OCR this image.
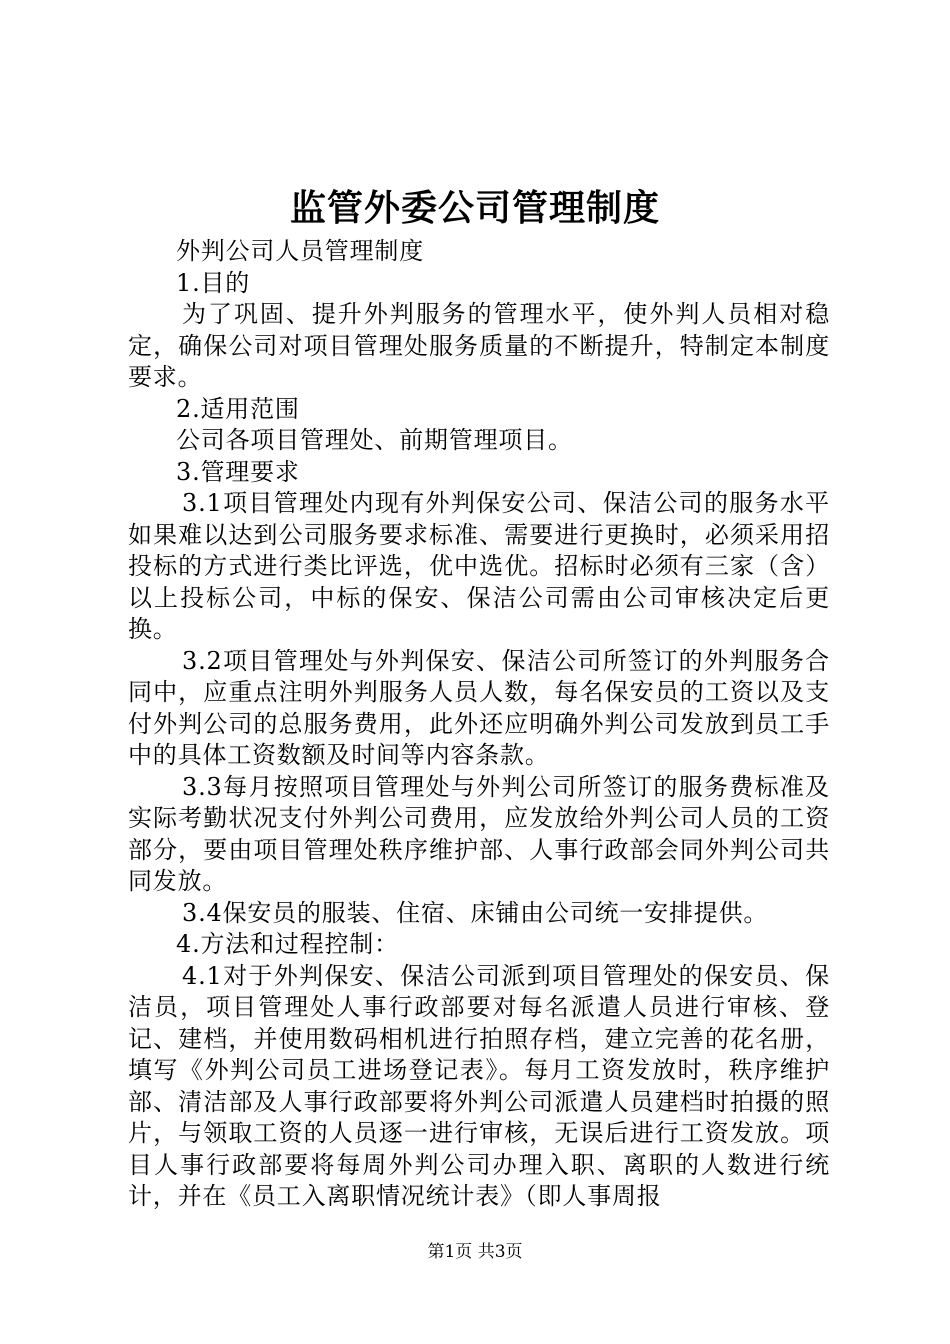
监管外委公司管理制度

外判公司人员管理制度

1.目的

为了巩固、提升外判服务的管理水平，使外判人员相对稳定，确保公司对项目管理处服务质量的不断提升，特制定本制度要求。

2.适用范围

公司各项目管理处、前期管理项目。

3.管理要求

3.1项目管理处内现有外判保安公司、保洁公司的服务水平如果难以达到公司服务要求标准、需要进行更换时，必须采用招投标的方式进行类比评选，优中选优。招标时必须有三家（含）以上投标公司，中标的保安、保洁公司需由公司审核决定后更换。

3.2项目管理处与外判保安、保洁公司所签订的外判服务合同中，应重点注明外判服务人员人数，每名保安员的工资以及支付外判公司的总服务费用，此外还应明确外判公司发放到员工手中的具体工资数额及时间等内容条款。

3.3每月按照项目管理处与外判公司所签订的服务费标准及实际考勤状况支付外判公司费用，应发放给外判公司人员的工资部分，要由项目管理处秩序维护部、人事行政部会同外判公司共同发放。

3.4保安员的服装、住宿、床铺由公司统一安排提供。

4.方法和过程控制：

4.1对于外判保安、保洁公司派到项目管理处的保安员、保洁员，项目管理处人事行政部要对每名派遣人员进行审核、登记、建档，并使用数码相机进行拍照存档，建立完善的花名册，填写《外判公司员工进场登记表》。每月工资发放时，秩序维护部、清洁部及人事行政部要将外判公司派遣人员建档时拍摄的照片，与领取工资的人员逐一进行审核，无误后进行工资发放。项目人事行政部要将每周外判公司办理入职、离职的人数进行统计，并在《员工入离职情况统计表》（即人事周报

第1页 共3页
